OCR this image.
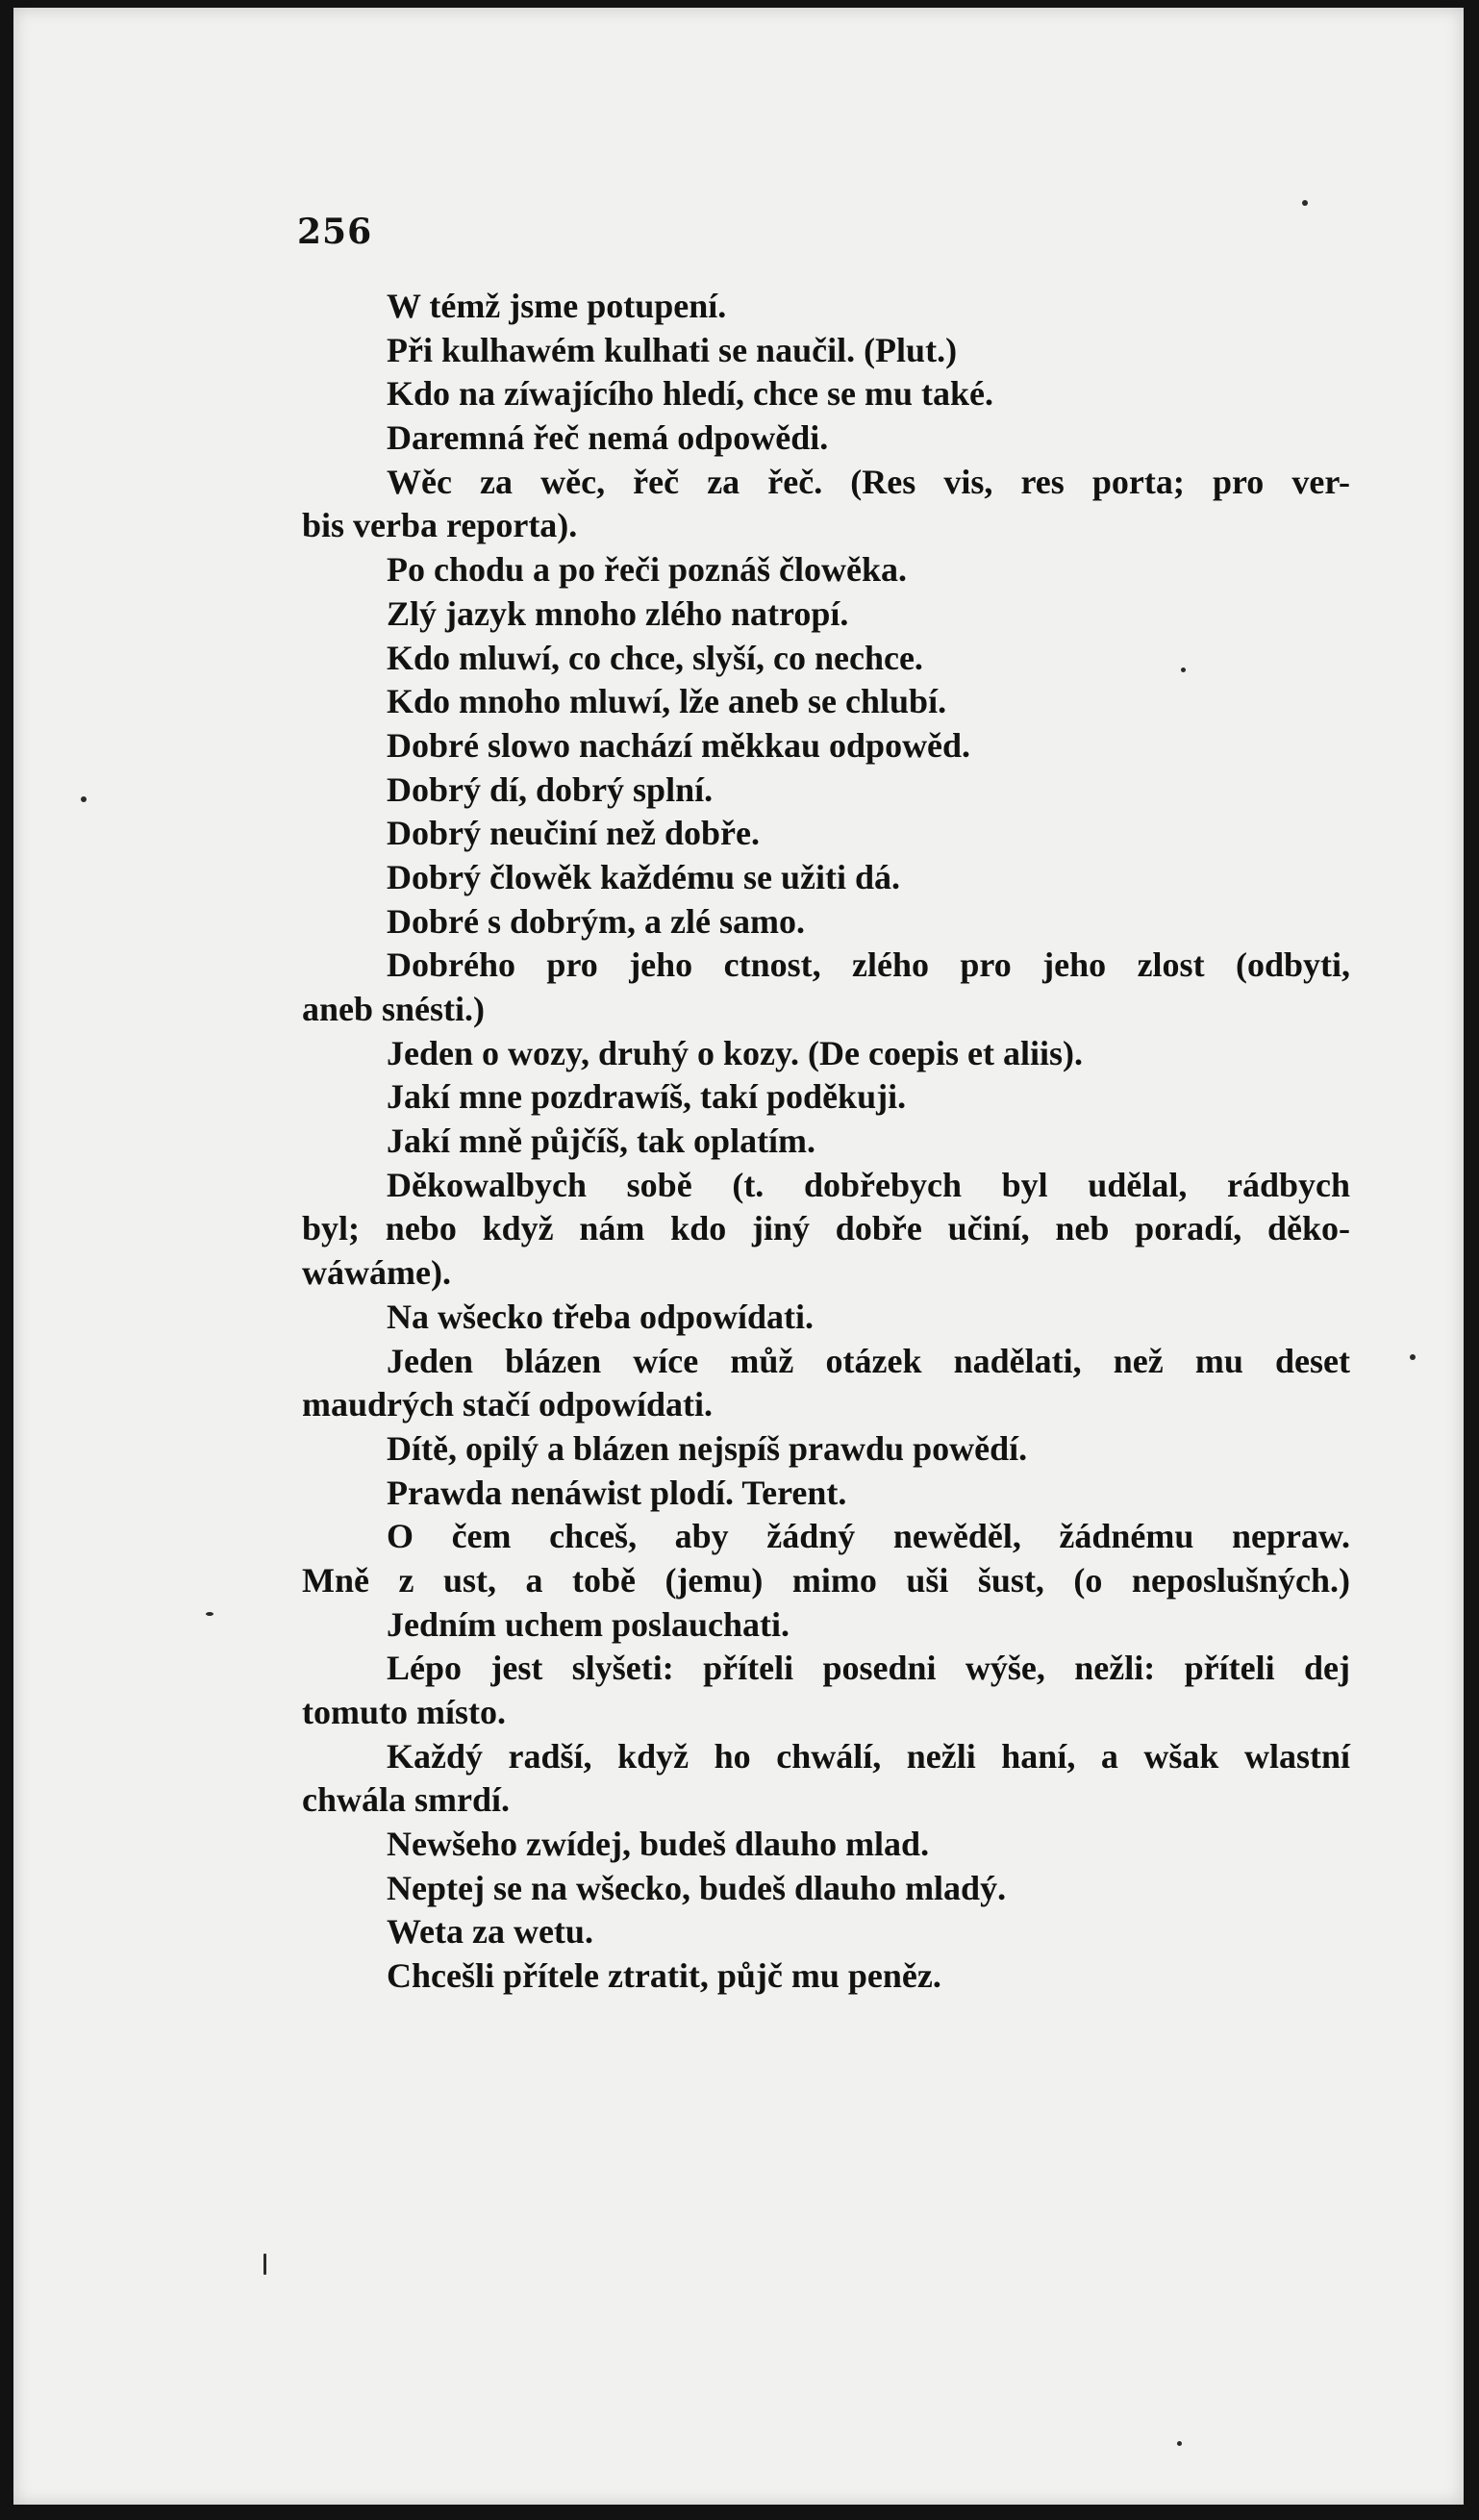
256
W témž jsme potupení.
Při kulhawém kulhati se naučil. (Plut.)
Kdo na zíwajícího hledí, chce se mu také.
Daremná řeč nemá odpowědi.
Wěc za wěc, řeč za řeč. (Res vis, res porta; pro ver-
bis verba reporta).
Po chodu a po řeči poznáš člowěka.
Zlý jazyk mnoho zlého natropí.
Kdo mluwí, co chce, slyší, co nechce.
Kdo mnoho mluwí, lže aneb se chlubí.
Dobré slowo nachází měkkau odpowěd.
Dobrý dí, dobrý splní.
Dobrý neučiní než dobře.
Dobrý člowěk každému se užiti dá.
Dobré s dobrým, a zlé samo.
Dobrého pro jeho ctnost, zlého pro jeho zlost (odbyti,
aneb snésti.)
Jeden o wozy, druhý o kozy. (De coepis et aliis).
Jakí mne pozdrawíš, takí poděkuji.
Jakí mně půjčíš, tak oplatím.
Děkowalbych sobě (t. dobřebych byl udělal, rádbych
byl; nebo když nám kdo jiný dobře učiní, neb poradí, děko-
wáwáme).
Na wšecko třeba odpowídati.
Jeden blázen wíce můž otázek nadělati, než mu deset
maudrých stačí odpowídati.
Dítě, opilý a blázen nejspíš prawdu powědí.
Prawda nenáwist plodí. Terent.
O čem chceš, aby žádný newěděl, žádnému nepraw.
Mně z ust, a tobě (jemu) mimo uši šust, (o neposlušných.)
Jedním uchem poslauchati.
Lépo jest slyšeti: příteli posedni wýše, nežli: příteli dej
tomuto místo.
Každý radší, když ho chwálí, nežli haní, a wšak wlastní
chwála smrdí.
Newšeho zwídej, budeš dlauho mlad.
Neptej se na wšecko, budeš dlauho mladý.
Weta za wetu.
Chcešli přítele ztratit, půjč mu peněz.
